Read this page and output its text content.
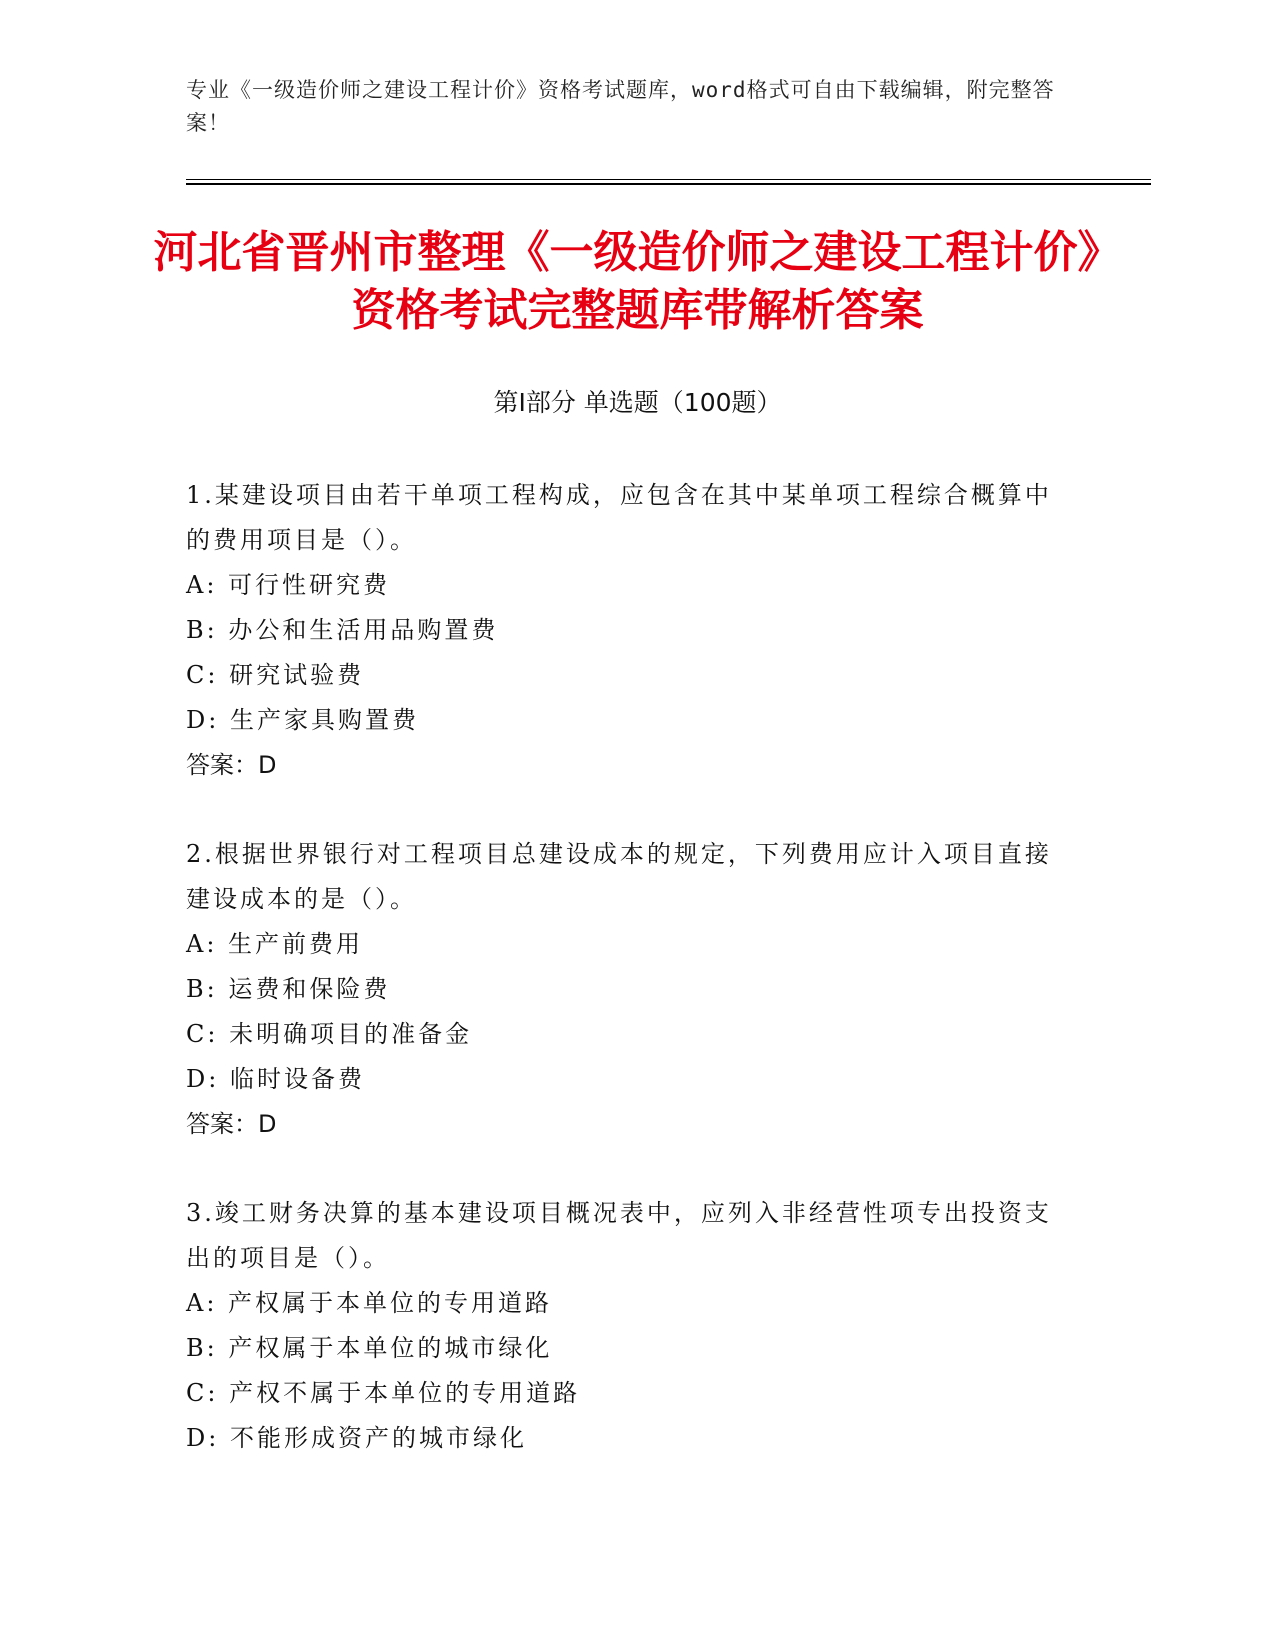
专业《一级造价师之建设工程计价》资格考试题库，word格式可自由下载编辑，附完整答案！
河北省晋州市整理《一级造价师之建设工程计价》资格考试完整题库带解析答案
第I部分 单选题（100题）
1.某建设项目由若干单项工程构成，应包含在其中某单项工程综合概算中的费用项目是（）。
A: 可行性研究费
B: 办公和生活用品购置费
C: 研究试验费
D: 生产家具购置费
答案：D
2.根据世界银行对工程项目总建设成本的规定，下列费用应计入项目直接建设成本的是（）。
A: 生产前费用
B: 运费和保险费
C: 未明确项目的准备金
D: 临时设备费
答案：D
3.竣工财务决算的基本建设项目概况表中，应列入非经营性项专出投资支出的项目是（）。
A: 产权属于本单位的专用道路
B: 产权属于本单位的城市绿化
C: 产权不属于本单位的专用道路
D: 不能形成资产的城市绿化
